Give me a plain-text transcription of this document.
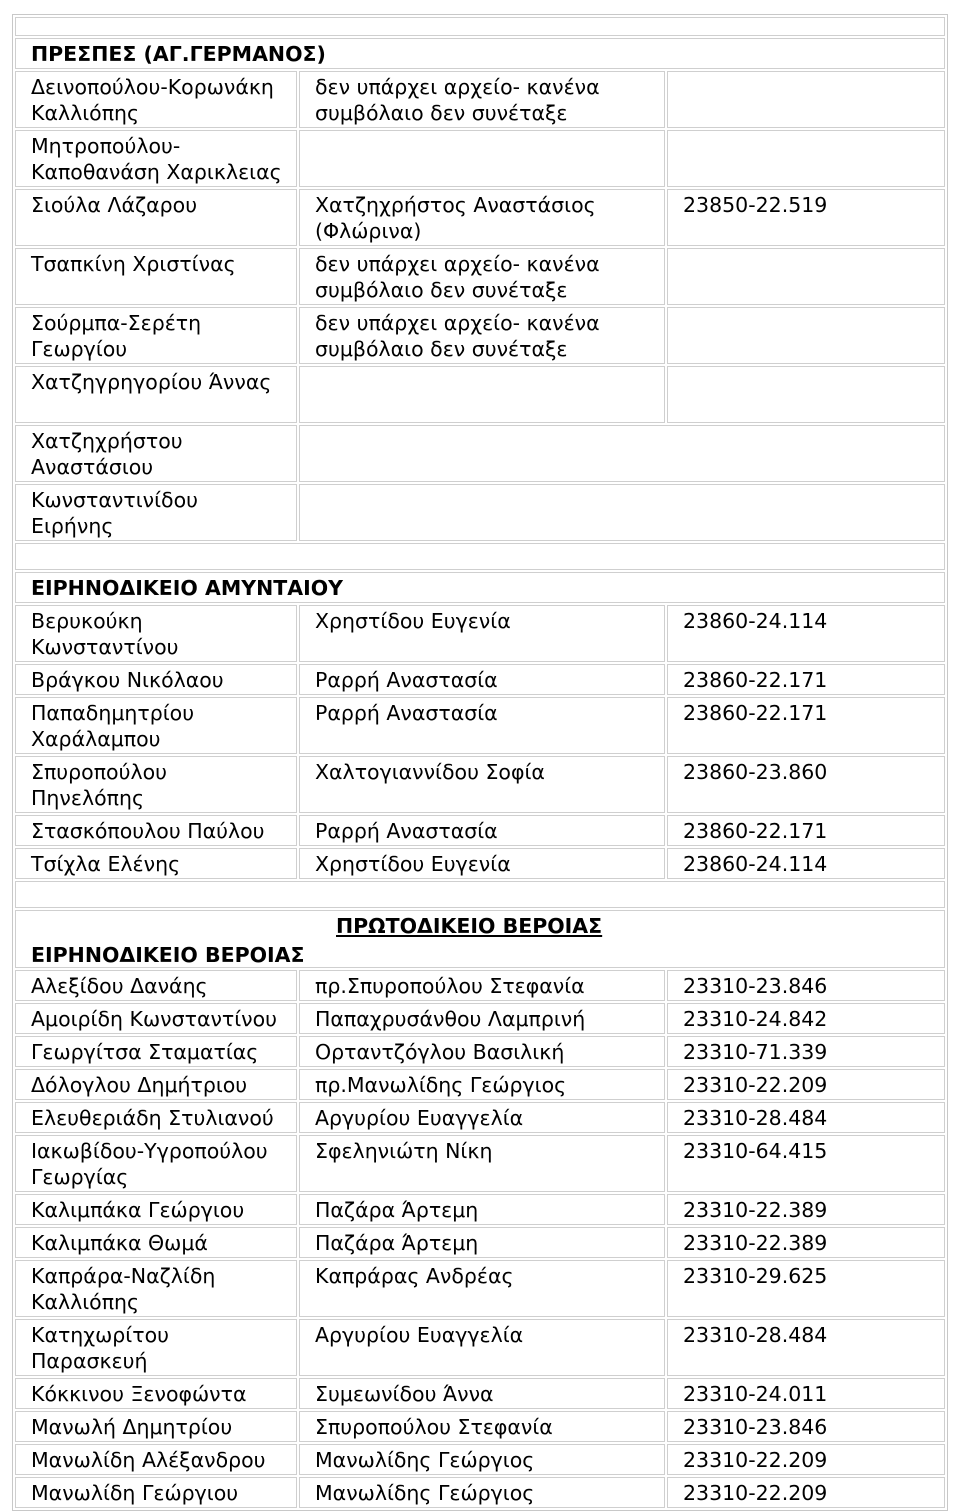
ΠΡΕΣΠΕΣ (ΑΓ.ΓΕΡΜΑΝΟΣ)		
Δεινοπούλου-Κορωνάκη Καλλιόπης	δεν υπάρχει αρχείο- κανένα συμβόλαιο δεν συνέταξε	
Μητροπούλου-Καποθανάση Χαρικλειας		
Σιούλα Λάζαρου	Χατζηχρήστος Αναστάσιος (Φλώρινα)	23850-22.519
Τσαπκίνη Χριστίνας	δεν υπάρχει αρχείο- κανένα συμβόλαιο δεν συνέταξε	
Σούρμπα-Σερέτη Γεωργίου	δεν υπάρχει αρχείο- κανένα συμβόλαιο δεν συνέταξε	
Χατζηγρηγορίου Άννας		
Χατζηχρήστου Αναστάσιου		
Κωνσταντινίδου Ειρήνης		

ΕΙΡΗΝΟΔΙΚΕΙΟ ΑΜΥΝΤΑΙΟΥ		
Βερυκούκη Κωνσταντίνου	Χρηστίδου Ευγενία	23860-24.114
Βράγκου Νικόλαου	Ραρρή Αναστασία	23860-22.171
Παπαδημητρίου Χαράλαμπου	Ραρρή Αναστασία	23860-22.171
Σπυροπούλου Πηνελόπης	Χαλτογιαννίδου Σοφία	23860-23.860
Στασκόπουλου Παύλου	Ραρρή Αναστασία	23860-22.171
Τσίχλα Ελένης	Χρηστίδου Ευγενία	23860-24.114

ΠΡΩΤΟΔΙΚΕΙΟ ΒΕΡΟΙΑΣ
ΕΙΡΗΝΟΔΙΚΕΙΟ ΒΕΡΟΙΑΣ		

Αλεξίδου Δανάης	πρ.Σπυροπούλου Στεφανία	23310-23.846
Αμοιρίδη Κωνσταντίνου	Παπαχρυσάνθου Λαμπρινή	23310-24.842
Γεωργίτσα Σταματίας	Ορταντζόγλου Βασιλική	23310-71.339
Δόλογλου Δημήτριου	πρ.Μανωλίδης Γεώργιος	23310-22.209
Ελευθεριάδη Στυλιανού	Αργυρίου Ευαγγελία	23310-28.484
Ιακωβίδου-Υγροπούλου Γεωργίας	Σφεληνιώτη Νίκη	23310-64.415
Καλιμπάκα Γεώργιου	Παζάρα Άρτεμη	23310-22.389
Καλιμπάκα Θωμά	Παζάρα Άρτεμη	23310-22.389
Καπράρα-Ναζλίδη Καλλιόπης	Καπράρας Ανδρέας	23310-29.625
Κατηχωρίτου Παρασκευή	Αργυρίου Ευαγγελία	23310-28.484
Κόκκινου Ξενοφώντα	Συμεωνίδου Άννα	23310-24.011
Μανωλή Δημητρίου	Σπυροπούλου Στεφανία	23310-23.846
Μανωλίδη Αλέξανδρου	Μανωλίδης Γεώργιος	23310-22.209
Μανωλίδη Γεώργιου	Μανωλίδης Γεώργιος	23310-22.209
